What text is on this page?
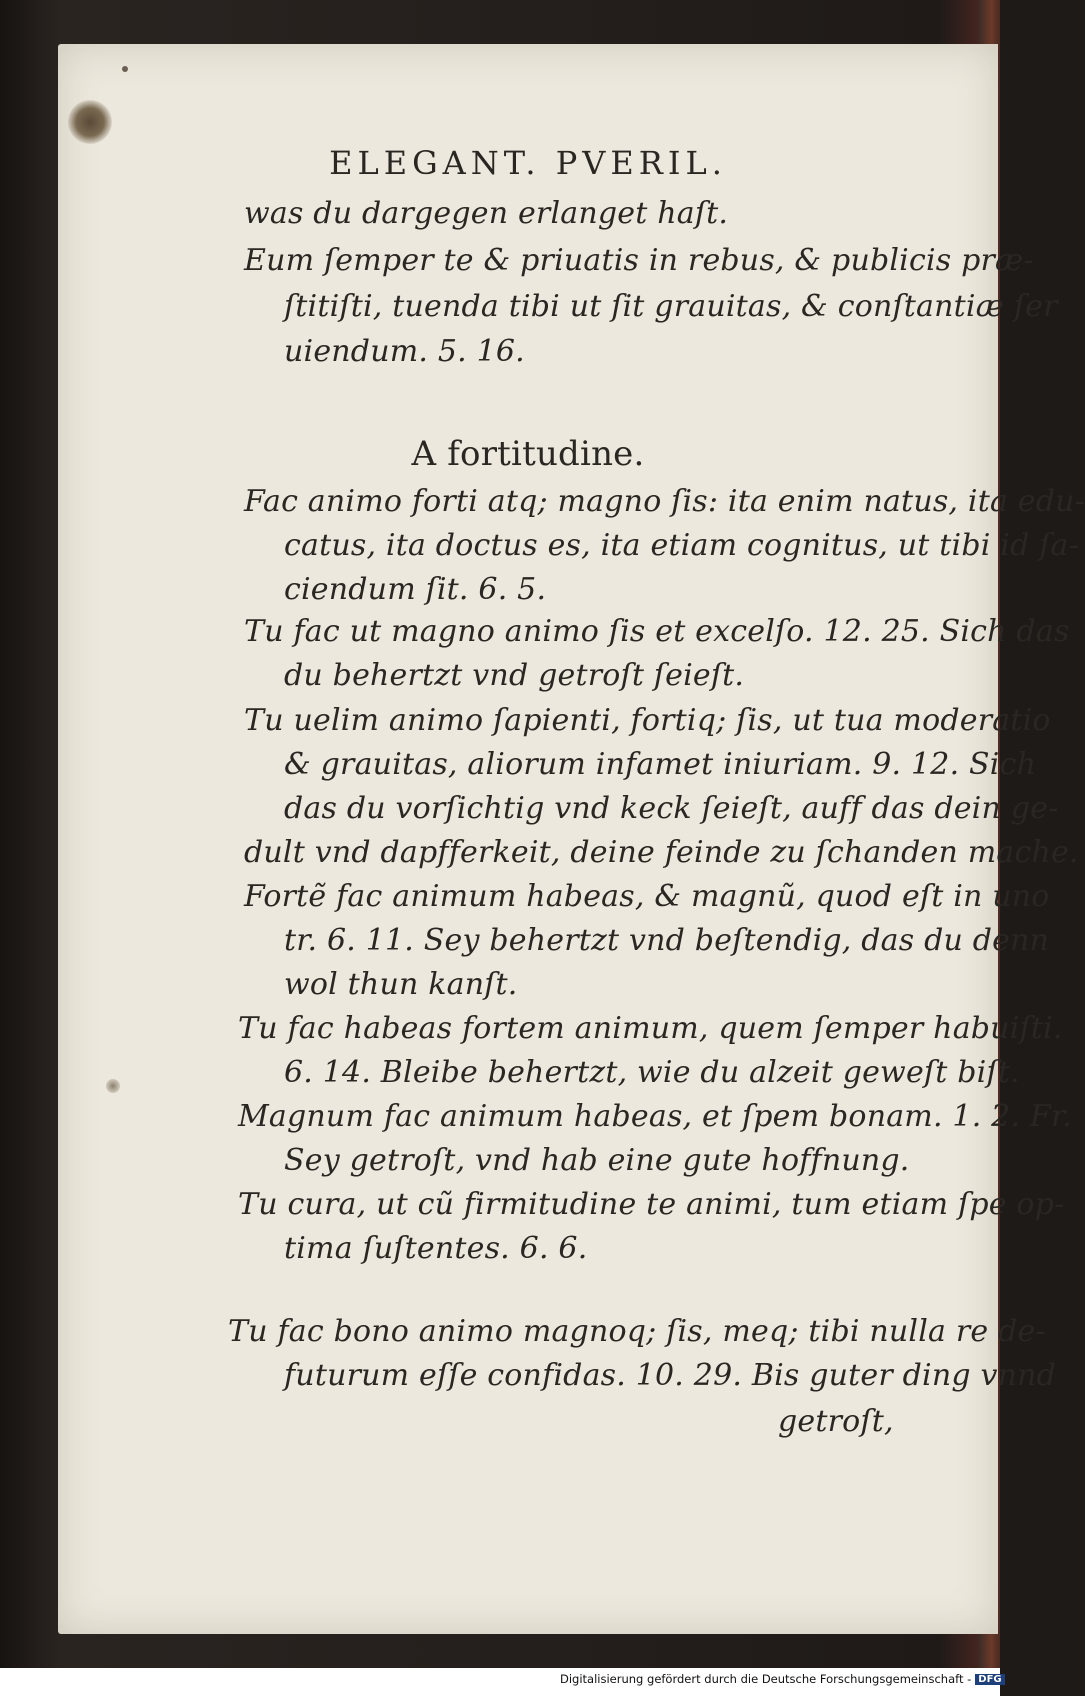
ELEGANT. PVERIL.
was du dargegen erlanget haſt.
Eum ſemper te & priuatis in rebus, & publicis præ-
ſtitiſti, tuenda tibi ut ſit grauitas, & conſtantiæ ſer
uiendum. 5. 16.
A fortitudine.
Fac animo forti atq; magno ſis: ita enim natus, ita edu-
catus, ita doctus es, ita etiam cognitus, ut tibi id ſa-
ciendum ſit. 6. 5.
Tu fac ut magno animo ſis et excelſo. 12. 25. Sich das
du behertzt vnd getroſt ſeieſt.
Tu uelim animo ſapienti, fortiq; ſis, ut tua moderatio
& grauitas, aliorum infamet iniuriam. 9. 12. Sich
das du vorſichtig vnd keck ſeieſt, auff das dein ge-
dult vnd dapfferkeit, deine feinde zu ſchanden mache.
Fortẽ fac animum habeas, & magnũ, quod eſt in uno
tr. 6. 11. Sey behertzt vnd beſtendig, das du denn
wol thun kanſt.
Tu fac habeas fortem animum, quem ſemper habuiſti.
6. 14. Bleibe behertzt, wie du alzeit geweſt biſt.
Magnum fac animum habeas, et ſpem bonam. 1. 2. Fr.
Sey getroſt, vnd hab eine gute hoffnung.
Tu cura, ut cũ firmitudine te animi, tum etiam ſpe op-
tima ſuſtentes. 6. 6.
Tu fac bono animo magnoq; ſis, meq; tibi nulla re de-
futurum eſſe confidas. 10. 29. Bis guter ding vnnd
getroſt,
Digitalisierung gefördert durch die Deutsche Forschungsgemeinschaft - DFG
